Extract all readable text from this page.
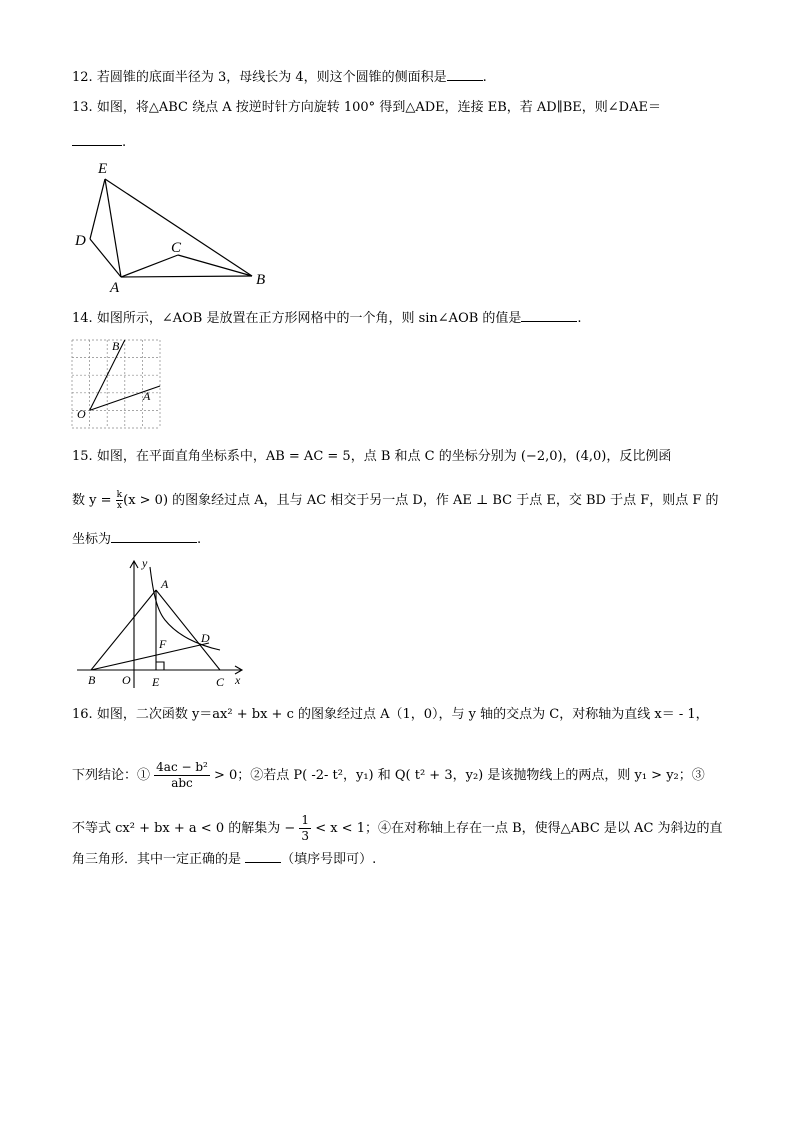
12. 若圆锥的底面半径为 3，母线长为 4，则这个圆锥的侧面积是	.
13. 如图，将△ABC 绕点 A 按逆时针方向旋转 100° 得到△ADE，连接 EB，若 AD∥BE，则∠DAE＝
.
E
D	C
A	B
14. 如图所示，∠AOB 是放置在正方形网格中的一个角，则 sin∠AOB 的值是	.
B
A
O
15. 如图，在平面直角坐标系中，AB = AC = 5，点 B 和点 C 的坐标分别为 (−2,0)，(4,0)，反比例函
数 $y = \frac{k}{x} (x > 0)$ 的图象经过点 A，且与 AC 相交于另一点 D，作 AE ⊥ BC 于点 E，交 BD 于点 F，则点 F 的
坐标为	.
y
A
D
F
B O E	C x
16. 如图，二次函数 y＝ax² + bx + c 的图象经过点 A（1，0），与 y 轴的交点为 C，对称轴为直线 x＝ - 1，
下列结论：① $\frac{\text{4ac − b²}}{\text{abc}} > 0$；②若点 P( -2- t²，y₁) 和 Q( t² + 3，y₂) 是该抛物线上的两点，则 y₁ > y₂；③
不等式 cx² + bx + a < 0 的解集为 − $\frac{1}{3} < x < 1$；④在对称轴上存在一点 B，使得△ABC 是以 AC 为斜边的直
角三角形．其中一定正确的是	（填序号即可）.
